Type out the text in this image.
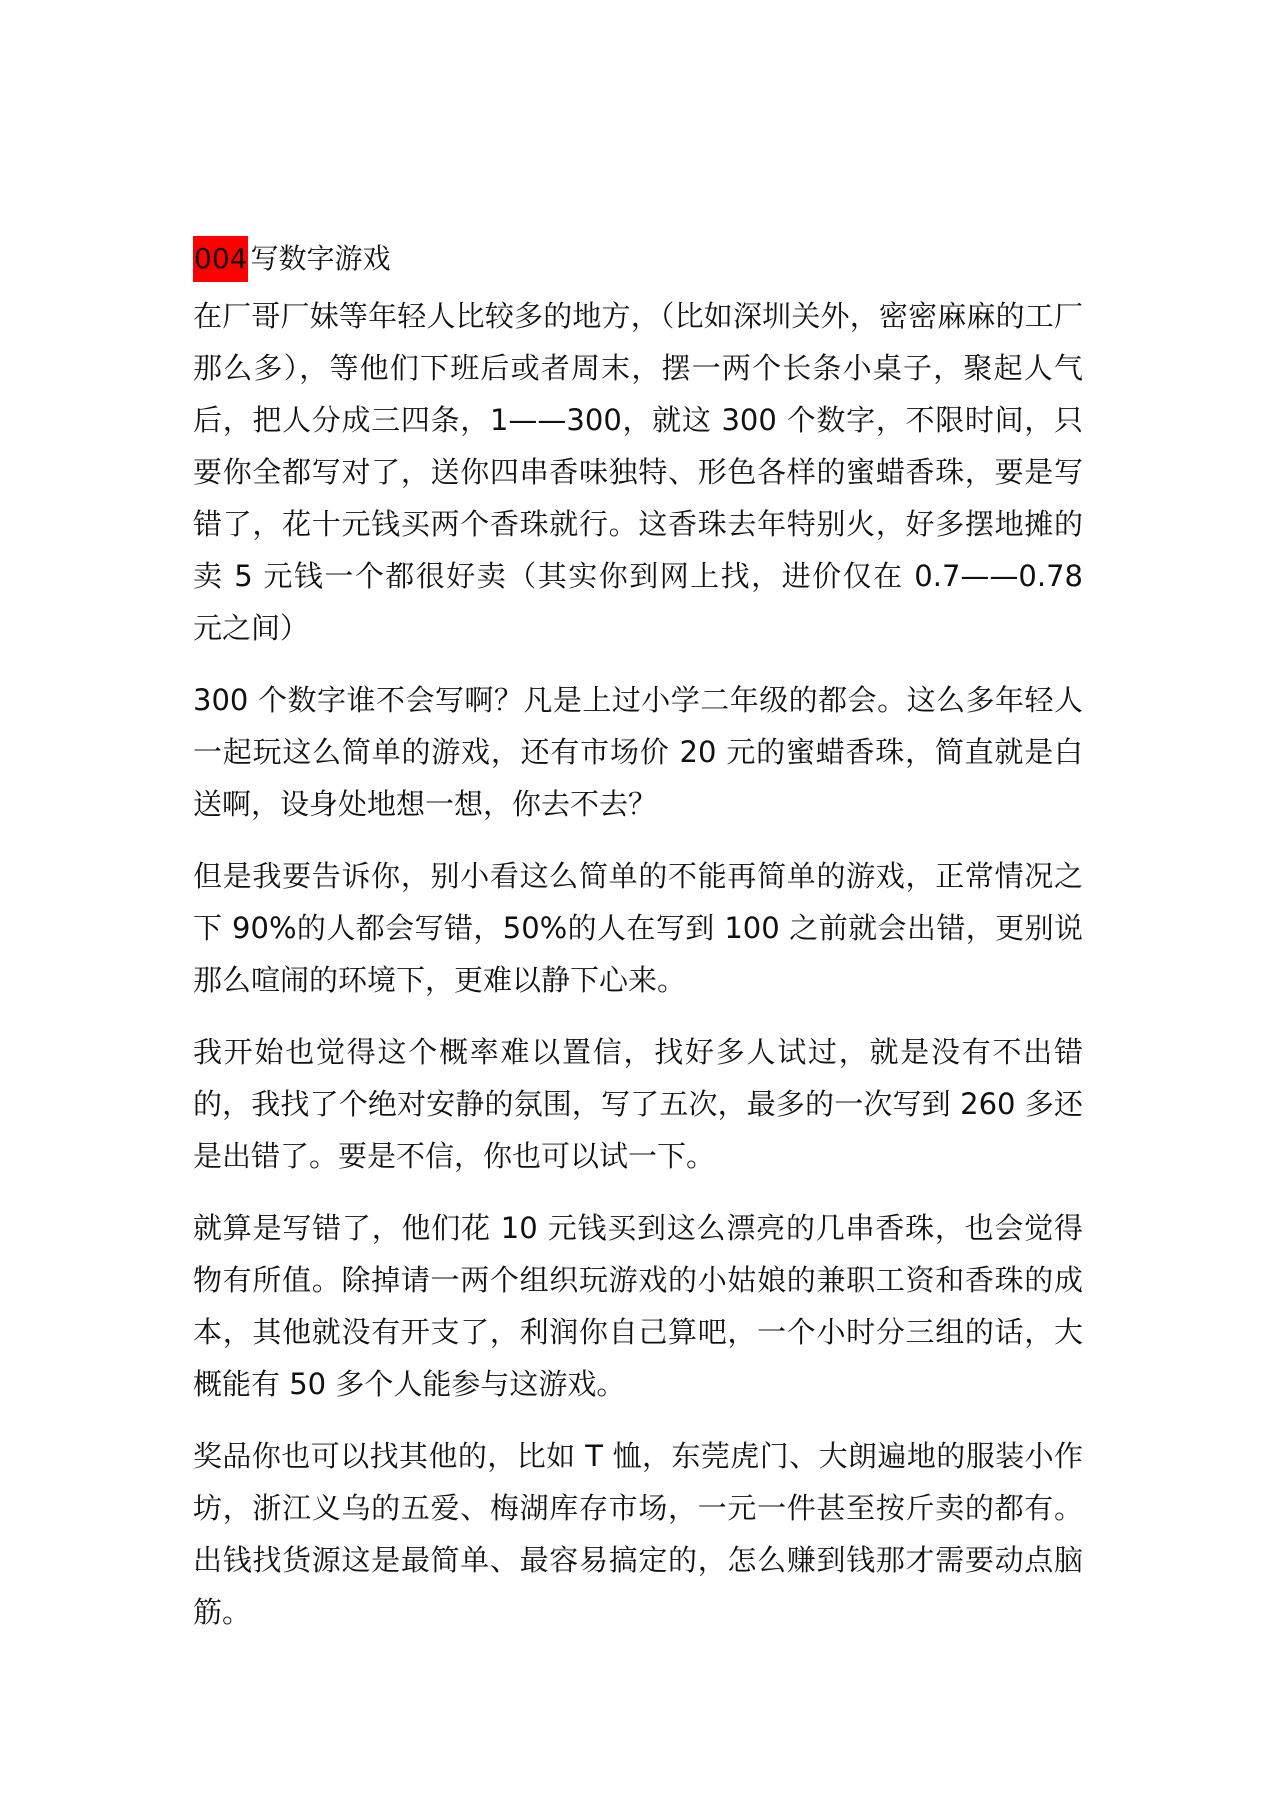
004 写数字游戏

在厂哥厂妹等年轻人比较多的地方，（比如深圳关外，密密麻麻的工厂那么多），等他们下班后或者周末，摆一两个长条小桌子，聚起人气后，把人分成三四条，1——300，就这 300 个数字，不限时间，只要你全都写对了，送你四串香味独特、形色各样的蜜蜡香珠，要是写错了，花十元钱买两个香珠就行。这香珠去年特别火，好多摆地摊的卖 5 元钱一个都很好卖（其实你到网上找，进价仅在 0.7——0.78 元之间）

300 个数字谁不会写啊？凡是上过小学二年级的都会。这么多年轻人一起玩这么简单的游戏，还有市场价 20 元的蜜蜡香珠，简直就是白送啊，设身处地想一想，你去不去？

但是我要告诉你，别小看这么简单的不能再简单的游戏，正常情况之下 90%的人都会写错，50%的人在写到 100 之前就会出错，更别说那么喧闹的环境下，更难以静下心来。

我开始也觉得这个概率难以置信，找好多人试过，就是没有不出错的，我找了个绝对安静的氛围，写了五次，最多的一次写到 260 多还是出错了。要是不信，你也可以试一下。

就算是写错了，他们花 10 元钱买到这么漂亮的几串香珠，也会觉得物有所值。除掉请一两个组织玩游戏的小姑娘的兼职工资和香珠的成本，其他就没有开支了，利润你自己算吧，一个小时分三组的话，大概能有 50 多个人能参与这游戏。

奖品你也可以找其他的，比如 T 恤，东莞虎门、大朗遍地的服装小作坊，浙江义乌的五爱、梅湖库存市场，一元一件甚至按斤卖的都有。出钱找货源这是最简单、最容易搞定的，怎么赚到钱那才需要动点脑筋。
